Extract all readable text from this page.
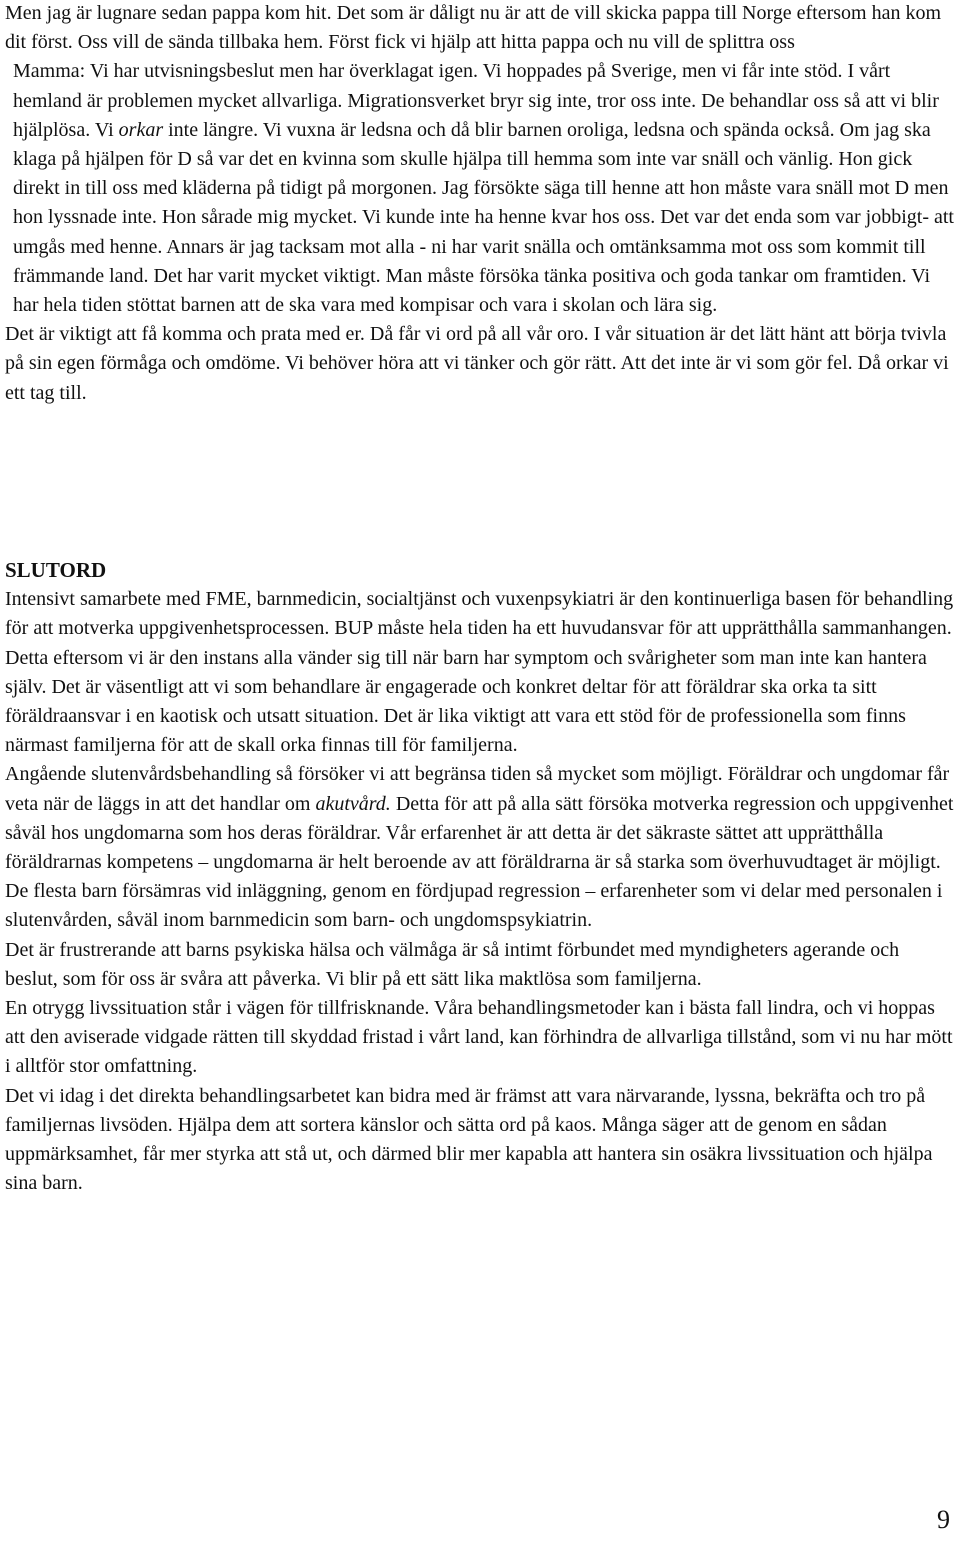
Men jag är lugnare sedan pappa kom hit. Det som är dåligt nu är att de vill skicka pappa till Norge eftersom han kom dit först. Oss vill de sända tillbaka hem. Först fick vi hjälp att hitta pappa och nu vill de splittra oss

Mamma: Vi har utvisningsbeslut men har överklagat igen. Vi hoppades på Sverige, men vi får inte stöd. I vårt hemland är problemen mycket allvarliga. Migrationsverket bryr sig inte, tror oss inte. De behandlar oss så att vi blir hjälplösa. Vi orkar inte längre. Vi vuxna är ledsna och då blir barnen oroliga, ledsna och spända också. Om jag ska klaga på hjälpen för D så var det en kvinna som skulle hjälpa till hemma som inte var snäll och vänlig. Hon gick direkt in till oss med kläderna på tidigt på morgonen. Jag försökte säga till henne att hon måste vara snäll mot D men hon lyssnade inte. Hon sårade mig mycket. Vi kunde inte ha henne kvar hos oss. Det var det enda som var jobbigt- att umgås med henne. Annars är jag tacksam mot alla - ni har varit snälla och omtänksamma mot oss som kommit till främmande land. Det har varit mycket viktigt. Man måste försöka tänka positiva och goda tankar om framtiden. Vi har hela tiden stöttat barnen att de ska vara med kompisar och vara i skolan och lära sig.

Det är viktigt att få komma och prata med er. Då får vi ord på all vår oro. I vår situation är det lätt hänt att börja tvivla på sin egen förmåga och omdöme. Vi behöver höra att vi tänker och gör rätt. Att det inte är vi som gör fel. Då orkar vi ett tag till.

SLUTORD

Intensivt samarbete med FME, barnmedicin, socialtjänst och vuxenpsykiatri är den kontinuerliga basen för behandling för att motverka uppgivenhetsprocessen. BUP måste hela tiden ha ett huvudansvar för att upprätthålla sammanhangen. Detta eftersom vi är den instans alla vänder sig till när barn har symptom och svårigheter som man inte kan hantera själv. Det är väsentligt att vi som behandlare är engagerade och konkret deltar för att föräldrar ska orka ta sitt föräldraansvar i en kaotisk och utsatt situation. Det är lika viktigt att vara ett stöd för de professionella som finns närmast familjerna för att de skall orka finnas till för familjerna.

Angående slutenvårdsbehandling så försöker vi att begränsa tiden så mycket som möjligt. Föräldrar och ungdomar får veta när de läggs in att det handlar om akutvård. Detta för att på alla sätt försöka motverka regression och uppgivenhet såväl hos ungdomarna som hos deras föräldrar. Vår erfarenhet är att detta är det säkraste sättet att upprätthålla föräldrarnas kompetens – ungdomarna är helt beroende av att föräldrarna är så starka som överhuvudtaget är möjligt. De flesta barn försämras vid inläggning, genom en fördjupad regression – erfarenheter som vi delar med personalen i slutenvården, såväl inom barnmedicin som barn- och ungdomspsykiatrin.

Det är frustrerande att barns psykiska hälsa och välmåga är så intimt förbundet med myndigheters agerande och beslut, som för oss är svåra att påverka. Vi blir på ett sätt lika maktlösa som familjerna.

En otrygg livssituation står i vägen för tillfrisknande. Våra behandlingsmetoder kan i bästa fall lindra, och vi hoppas att den aviserade vidgade rätten till skyddad fristad i vårt land, kan förhindra de allvarliga tillstånd, som vi nu har mött i alltför stor omfattning.

Det vi idag i det direkta behandlingsarbetet kan bidra med är främst att vara närvarande, lyssna, bekräfta och tro på familjernas livsöden. Hjälpa dem att sortera känslor och sätta ord på kaos. Många säger att de genom en sådan uppmärksamhet, får mer styrka att stå ut, och därmed blir mer kapabla att hantera sin osäkra livssituation och hjälpa sina barn.

9
